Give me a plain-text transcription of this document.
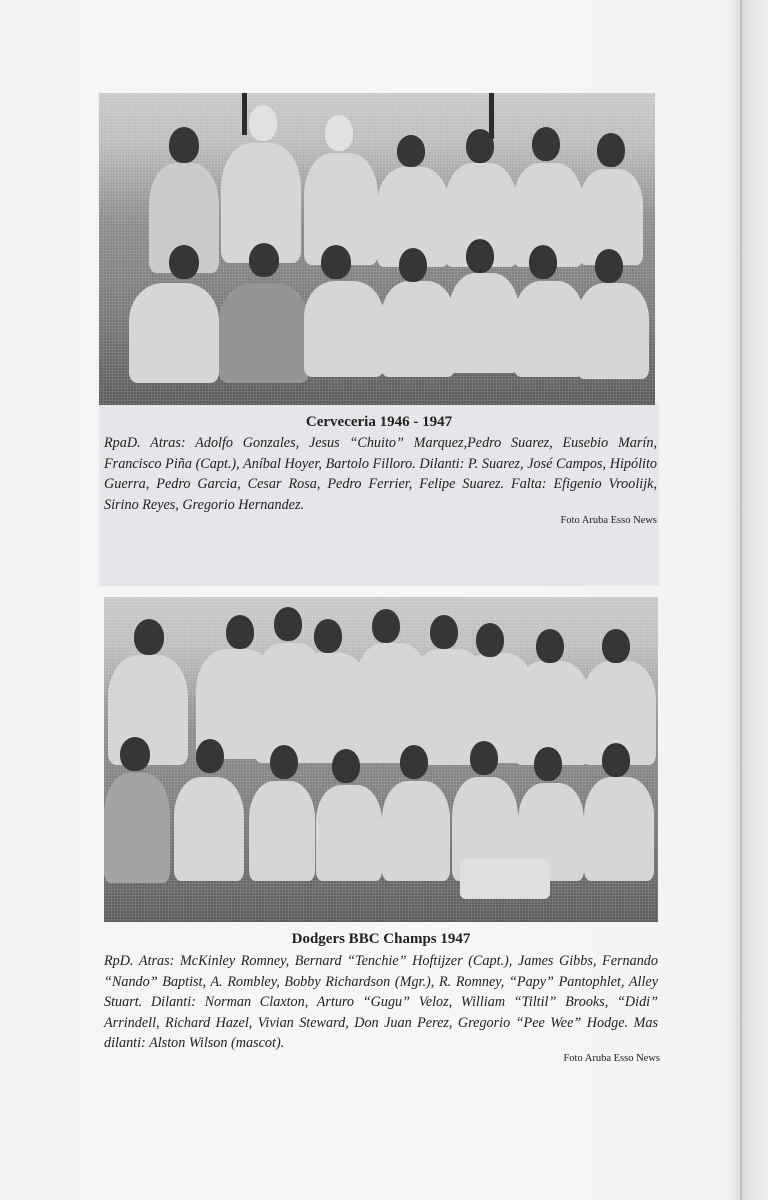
Cerveceria 1946 - 1947

RpaD. Atras: Adolfo Gonzales, Jesus “Chuito” Marquez,Pedro Suarez, Eusebio Marín, Francisco Piña (Capt.), Aníbal Hoyer, Bartolo Filloro. Dilanti: P. Suarez, José Campos, Hipólito Guerra, Pedro Garcia, Cesar Rosa, Pedro Ferrier, Felipe Suarez. Falta: Efigenio Vroolijk, Sirino Reyes, Gregorio Hernandez.

Foto Aruba Esso News
Dodgers BBC Champs 1947

RpD. Atras: McKinley Romney, Bernard “Tenchie” Hoftijzer (Capt.), James Gibbs, Fernando “Nando” Baptist, A. Rombley, Bobby Richardson (Mgr.), R. Romney, “Papy” Pantophlet, Alley Stuart. Dilanti: Norman Claxton, Arturo “Gugu” Veloz, William “Tiltil” Brooks, “Didi” Arrindell, Richard Hazel, Vivian Steward, Don Juan Perez, Gregorio “Pee Wee” Hodge. Mas dilanti: Alston Wilson (mascot).

Foto Aruba Esso News
